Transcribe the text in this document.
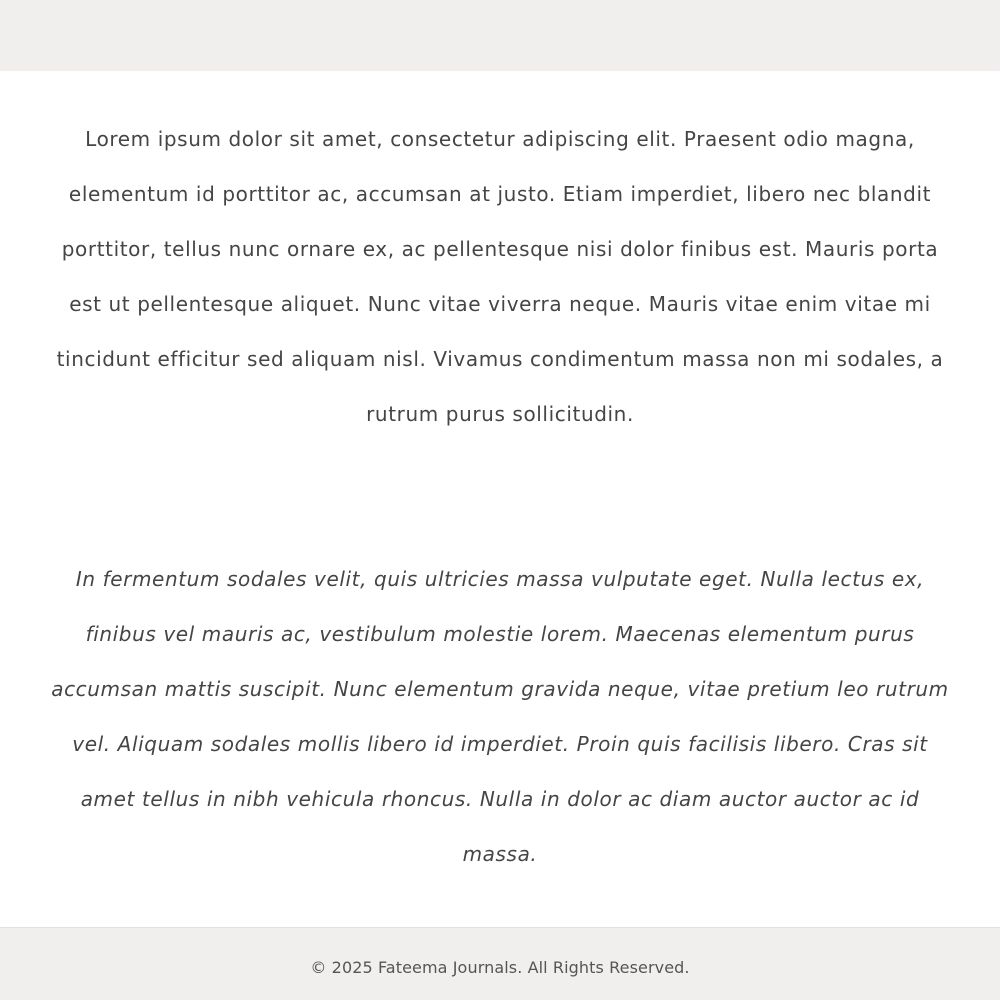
Lorem ipsum dolor sit amet, consectetur adipiscing elit. Praesent odio magna, elementum id porttitor ac, accumsan at justo. Etiam imperdiet, libero nec blandit porttitor, tellus nunc ornare ex, ac pellentesque nisi dolor finibus est. Mauris porta est ut pellentesque aliquet. Nunc vitae viverra neque. Mauris vitae enim vitae mi tincidunt efficitur sed aliquam nisl. Vivamus condimentum massa non mi sodales, a rutrum purus sollicitudin.

In fermentum sodales velit, quis ultricies massa vulputate eget. Nulla lectus ex, finibus vel mauris ac, vestibulum molestie lorem. Maecenas elementum purus accumsan mattis suscipit. Nunc elementum gravida neque, vitae pretium leo rutrum vel. Aliquam sodales mollis libero id imperdiet. Proin quis facilisis libero. Cras sit amet tellus in nibh vehicula rhoncus. Nulla in dolor ac diam auctor auctor ac id massa.

© 2025 Fateema Journals. All Rights Reserved.
